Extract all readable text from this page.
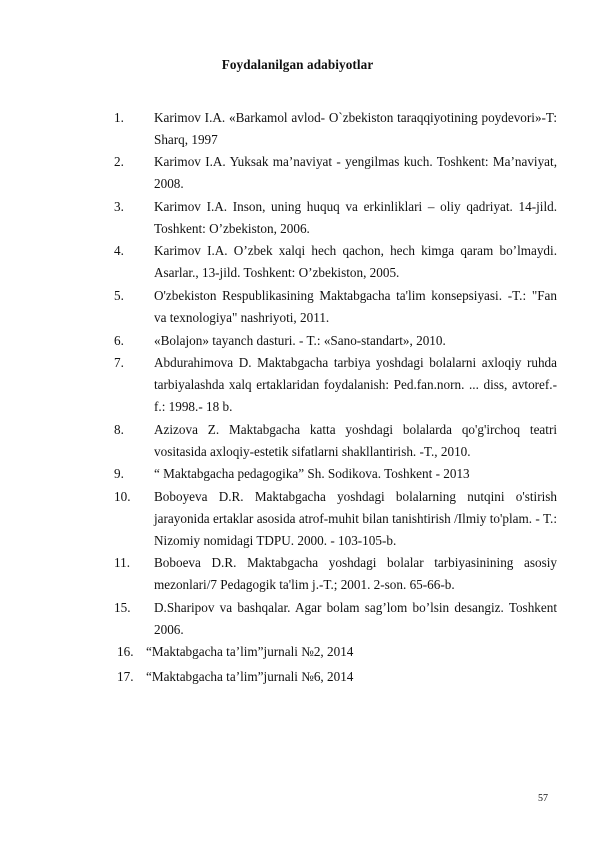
Foydalanilgan adabiyotlar
1. Karimov I.A. «Barkamol avlod- O`zbekiston taraqqiyotining poydevori»-T: Sharq, 1997
2. Karimov I.A. Yuksak ma’naviyat - yengilmas kuch. Toshkent: Ma’naviyat, 2008.
3. Karimov I.A. Inson, uning huquq va erkinliklari – oliy qadriyat. 14-jild. Toshkent: O’zbekiston, 2006.
4. Karimov I.A. O’zbek xalqi hech qachon, hech kimga qaram bo’lmaydi. Asarlar., 13-jild. Toshkent: O’zbekiston, 2005.
5. O'zbekiston Respublikasining Maktabgacha ta'lim konsepsiyasi. -T.: "Fan va texnologiya" nashriyoti, 2011.
6. «Bolajon» tayanch dasturi. - T.: «Sano-standart», 2010.
7. Abdurahimova D. Maktabgacha tarbiya yoshdagi bolalarni axloqiy ruhda tarbiyalashda xalq ertaklaridan foydalanish: Ped.fan.norn. ... diss, avtoref.-f.: 1998.- 18 b.
8. Azizova Z. Maktabgacha katta yoshdagi bolalarda qo'g'irchoq teatri vositasida axloqiy-estetik sifatlarni shakllantirish. -T., 2010.
9. “ Maktabgacha pedagogika” Sh. Sodikova. Toshkent - 2013
10. Boboyeva D.R. Maktabgacha yoshdagi bolalarning nutqini o'stirish jarayonida ertaklar asosida atrof-muhit bilan tanishtirish /Ilmiy to'plam. - T.: Nizomiy nomidagi TDPU. 2000. - 103-105-b.
11. Boboeva D.R. Maktabgacha yoshdagi bolalar tarbiyasinining asosiy mezonlari/7 Pedagogik ta'lim j.-T.; 2001. 2-son. 65-66-b.
15. D.Sharipov va bashqalar. Agar bolam sag’lom bo’lsin desangiz. Toshkent 2006.
16. “Maktabgacha ta’lim”jurnali №2, 2014
17. “Maktabgacha ta’lim”jurnali №6, 2014
57
